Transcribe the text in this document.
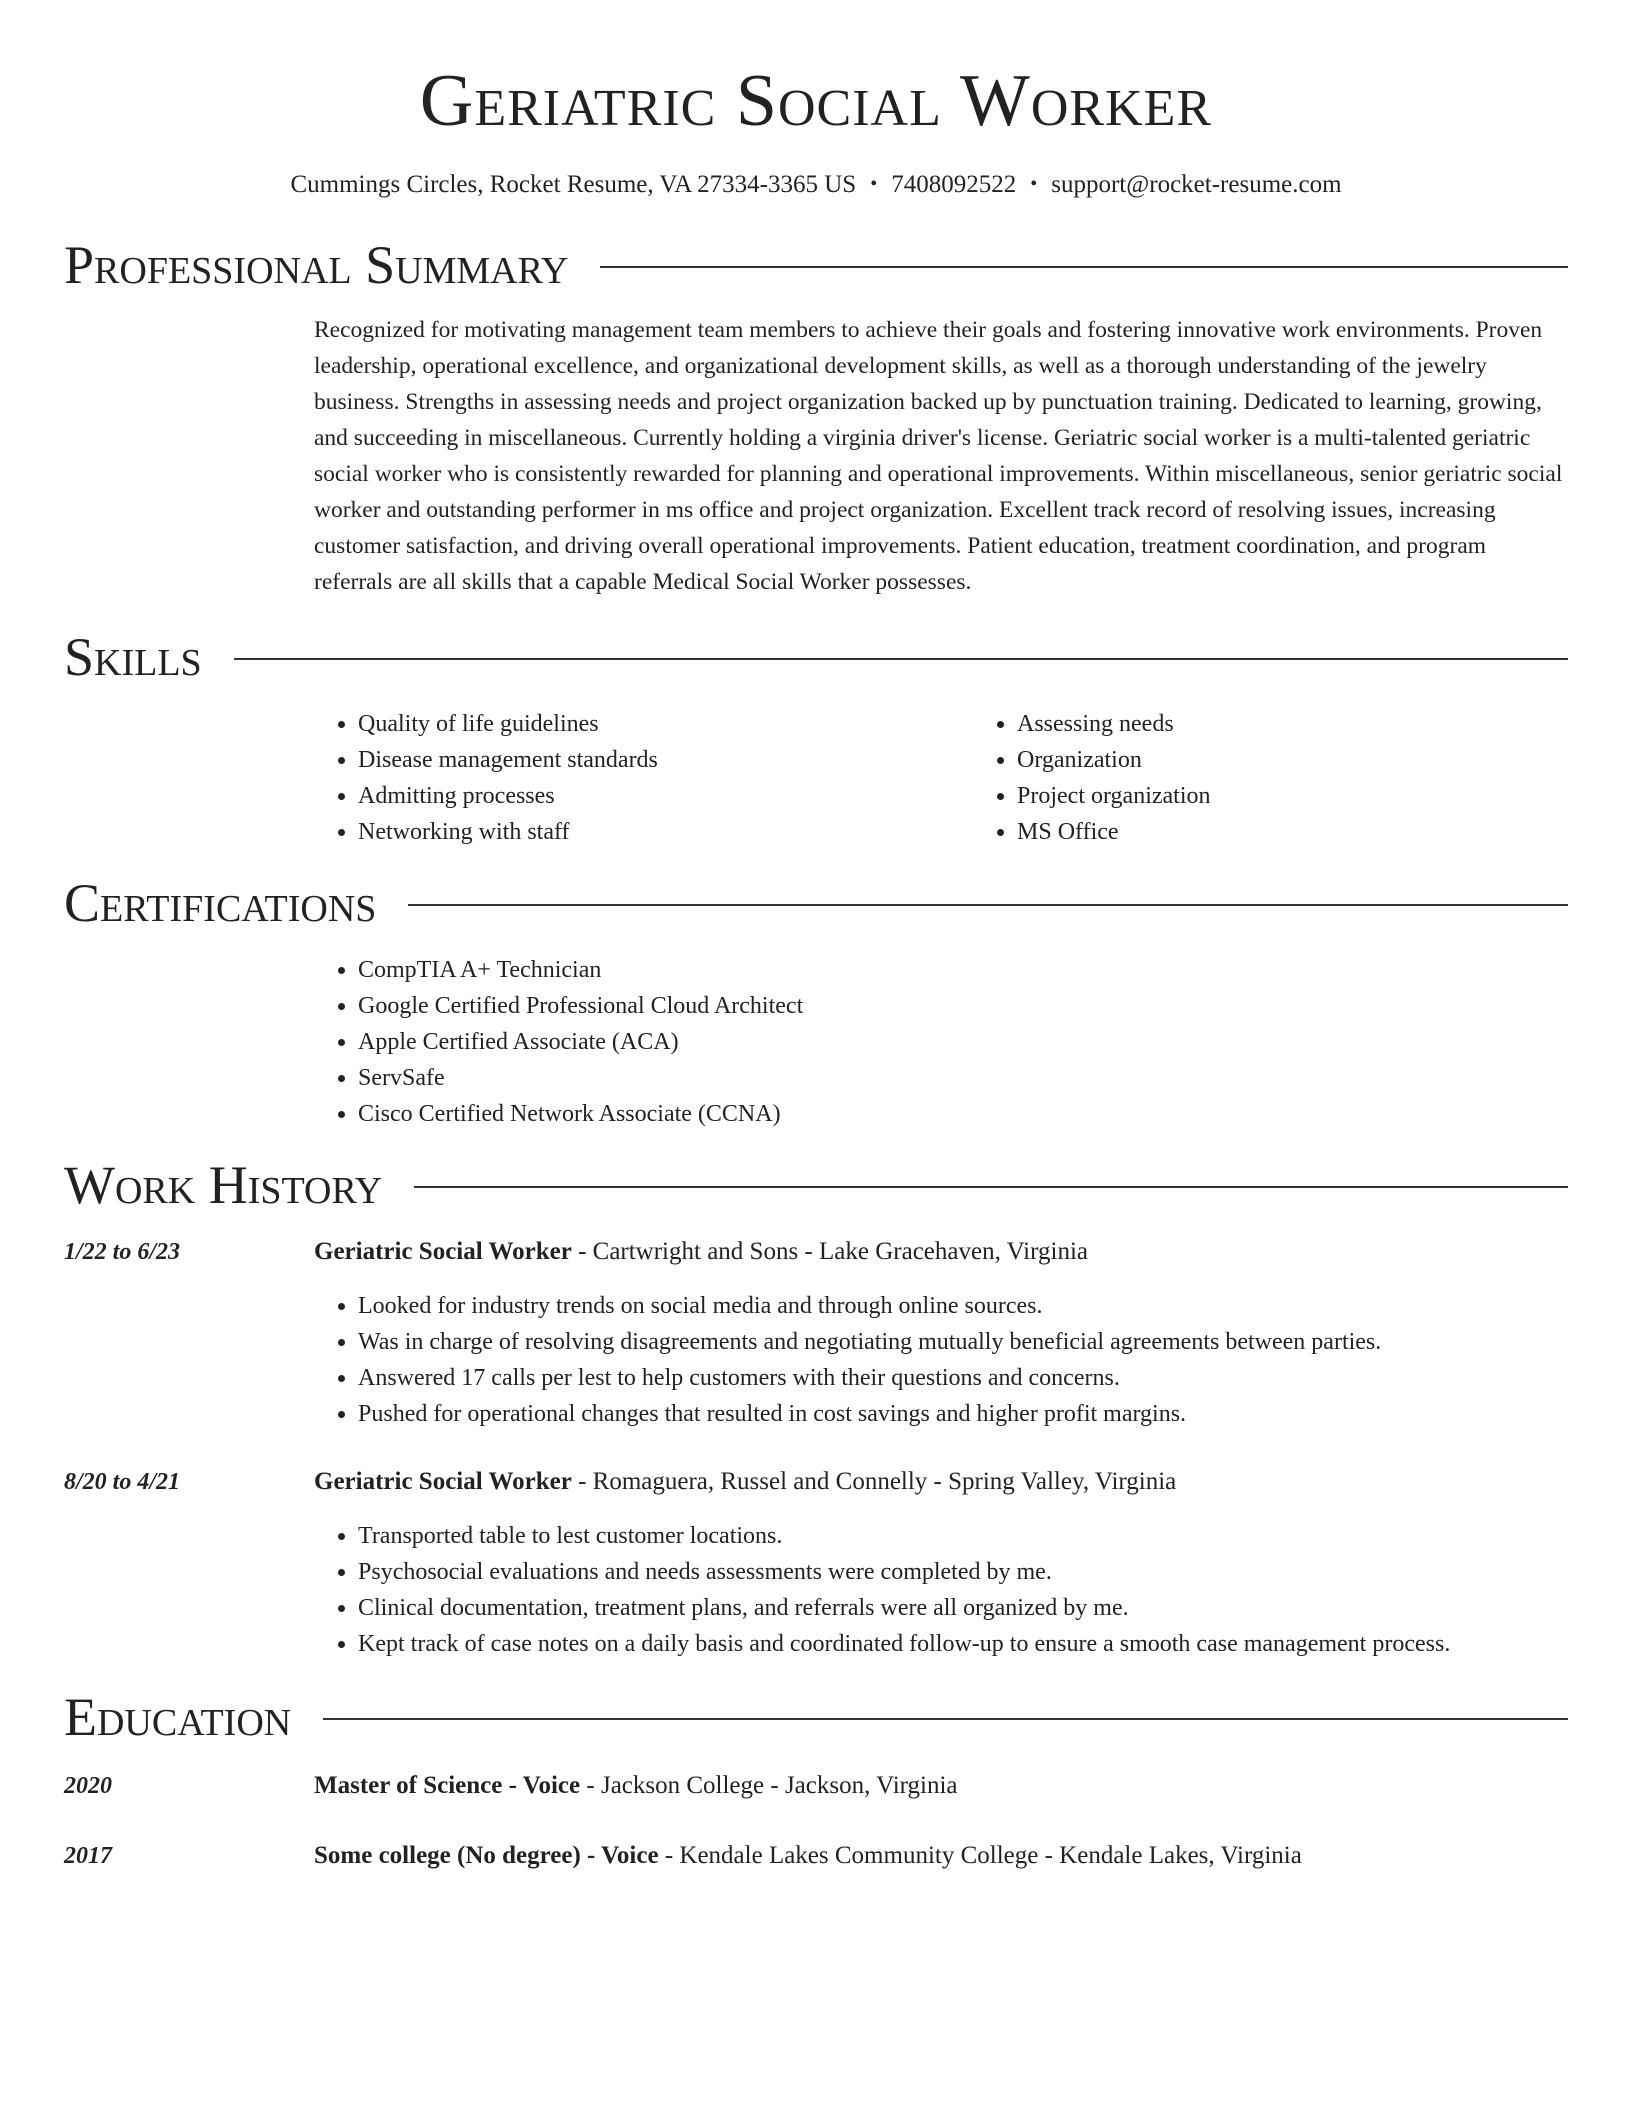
Geriatric Social Worker
Cummings Circles, Rocket Resume, VA 27334-3365 US • 7408092522 • support@rocket-resume.com
Professional Summary
Recognized for motivating management team members to achieve their goals and fostering innovative work environments. Proven leadership, operational excellence, and organizational development skills, as well as a thorough understanding of the jewelry business. Strengths in assessing needs and project organization backed up by punctuation training. Dedicated to learning, growing, and succeeding in miscellaneous. Currently holding a virginia driver's license. Geriatric social worker is a multi-talented geriatric social worker who is consistently rewarded for planning and operational improvements. Within miscellaneous, senior geriatric social worker and outstanding performer in ms office and project organization. Excellent track record of resolving issues, increasing customer satisfaction, and driving overall operational improvements. Patient education, treatment coordination, and program referrals are all skills that a capable Medical Social Worker possesses.
Skills
• Quality of life guidelines
• Disease management standards
• Admitting processes
• Networking with staff
• Assessing needs
• Organization
• Project organization
• MS Office
Certifications
• CompTIA A+ Technician
• Google Certified Professional Cloud Architect
• Apple Certified Associate (ACA)
• ServSafe
• Cisco Certified Network Associate (CCNA)
Work History
1/22 to 6/23	Geriatric Social Worker - Cartwright and Sons - Lake Gracehaven, Virginia
• Looked for industry trends on social media and through online sources.
• Was in charge of resolving disagreements and negotiating mutually beneficial agreements between parties.
• Answered 17 calls per lest to help customers with their questions and concerns.
• Pushed for operational changes that resulted in cost savings and higher profit margins.
8/20 to 4/21	Geriatric Social Worker - Romaguera, Russel and Connelly - Spring Valley, Virginia
• Transported table to lest customer locations.
• Psychosocial evaluations and needs assessments were completed by me.
• Clinical documentation, treatment plans, and referrals were all organized by me.
• Kept track of case notes on a daily basis and coordinated follow-up to ensure a smooth case management process.
Education
2020	Master of Science - Voice - Jackson College - Jackson, Virginia
2017	Some college (No degree) - Voice - Kendale Lakes Community College - Kendale Lakes, Virginia
